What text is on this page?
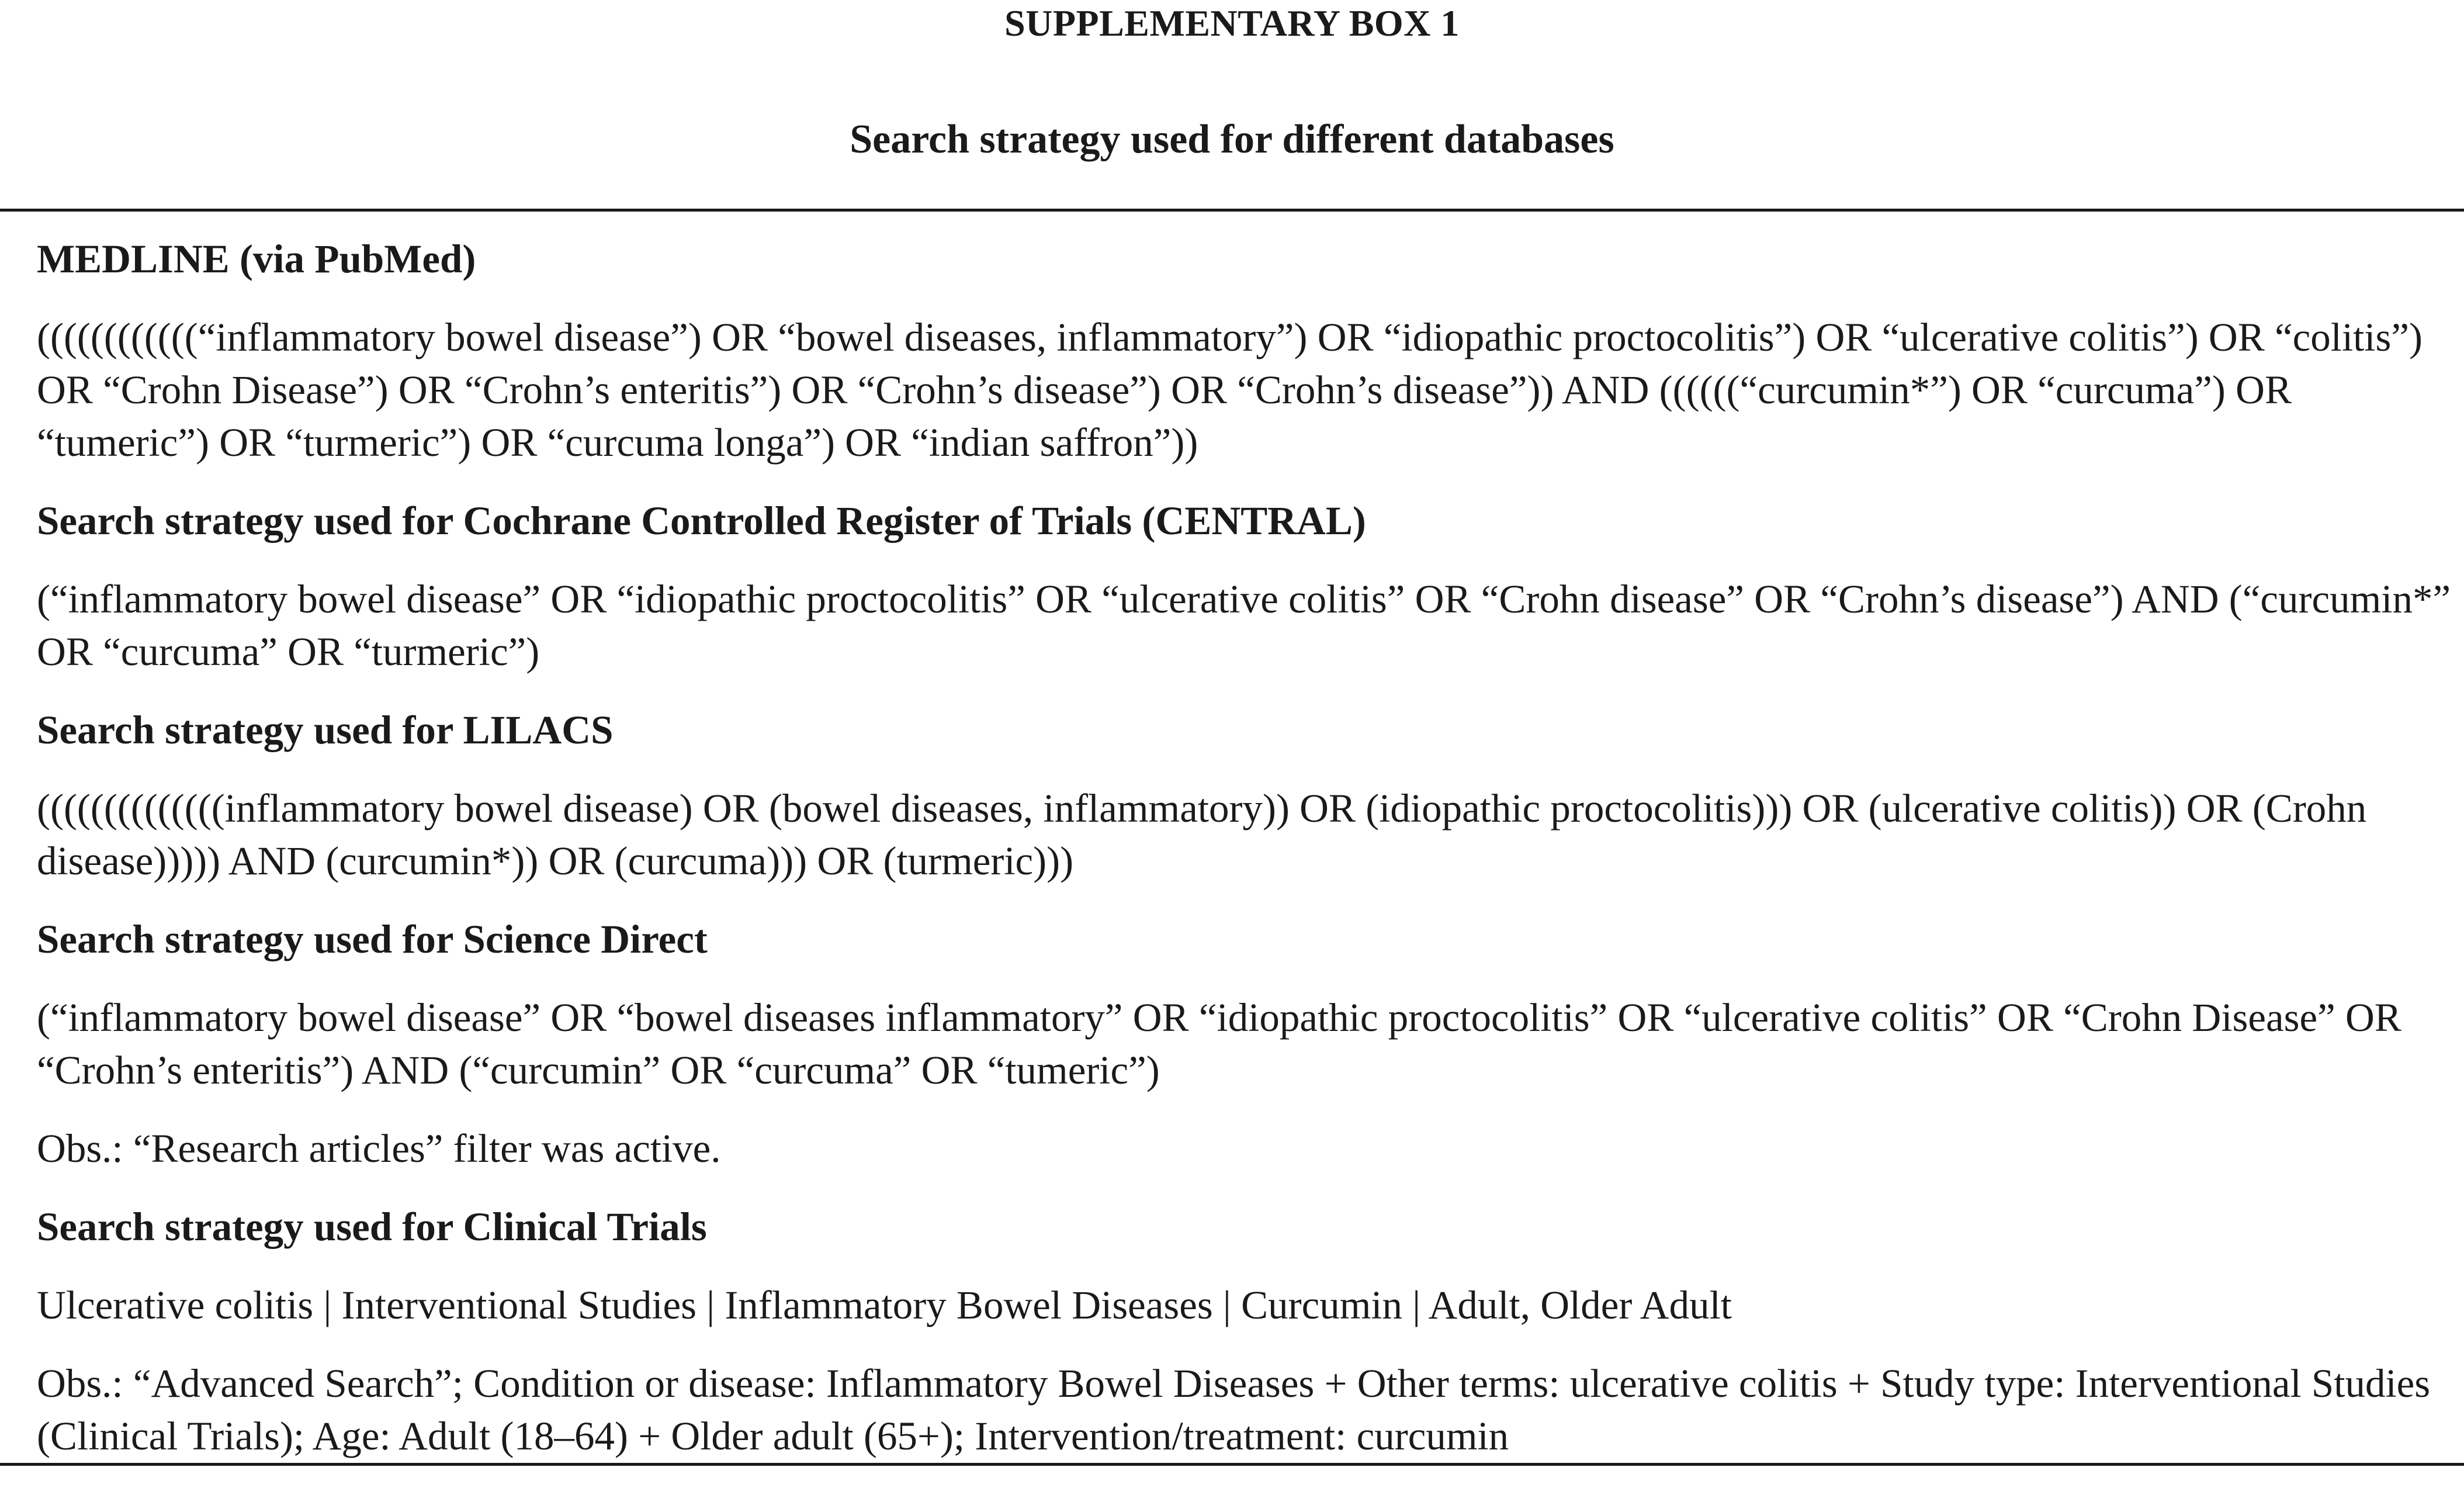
SUPPLEMENTARY BOX 1
Search strategy used for different databases
MEDLINE (via PubMed)
((((((((((((“inflammatory bowel disease”) OR “bowel diseases, inflammatory”) OR “idiopathic proctocolitis”) OR “ulcerative colitis”) OR “colitis”) OR “Crohn Disease”) OR “Crohn’s enteritis”) OR “Crohn’s disease”) OR “Crohn’s disease”)) AND ((((((“curcumin*”) OR “curcuma”) OR “tumeric”) OR “turmeric”) OR “curcuma longa”) OR “indian saffron”))
Search strategy used for Cochrane Controlled Register of Trials (CENTRAL)
(“inflammatory bowel disease” OR “idiopathic proctocolitis” OR “ulcerative colitis” OR “Crohn disease” OR “Crohn’s disease”) AND (“curcumin*” OR “curcuma” OR “turmeric”)
Search strategy used for LILACS
((((((((((((((inflammatory bowel disease) OR (bowel diseases, inflammatory)) OR (idiopathic proctocolitis))) OR (ulcerative colitis)) OR (Crohn disease))))) AND (curcumin*)) OR (curcuma))) OR (turmeric)))
Search strategy used for Science Direct
(“inflammatory bowel disease” OR “bowel diseases inflammatory” OR “idiopathic proctocolitis” OR “ulcerative colitis” OR “Crohn Disease” OR “Crohn’s enteritis”) AND (“curcumin” OR “curcuma” OR “tumeric”)
Obs.: “Research articles” filter was active.
Search strategy used for Clinical Trials
Ulcerative colitis | Interventional Studies | Inflammatory Bowel Diseases | Curcumin | Adult, Older Adult
Obs.: “Advanced Search”; Condition or disease: Inflammatory Bowel Diseases + Other terms: ulcerative colitis + Study type: Interventional Studies (Clinical Trials); Age: Adult (18–64) + Older adult (65+); Intervention/treatment: curcumin
